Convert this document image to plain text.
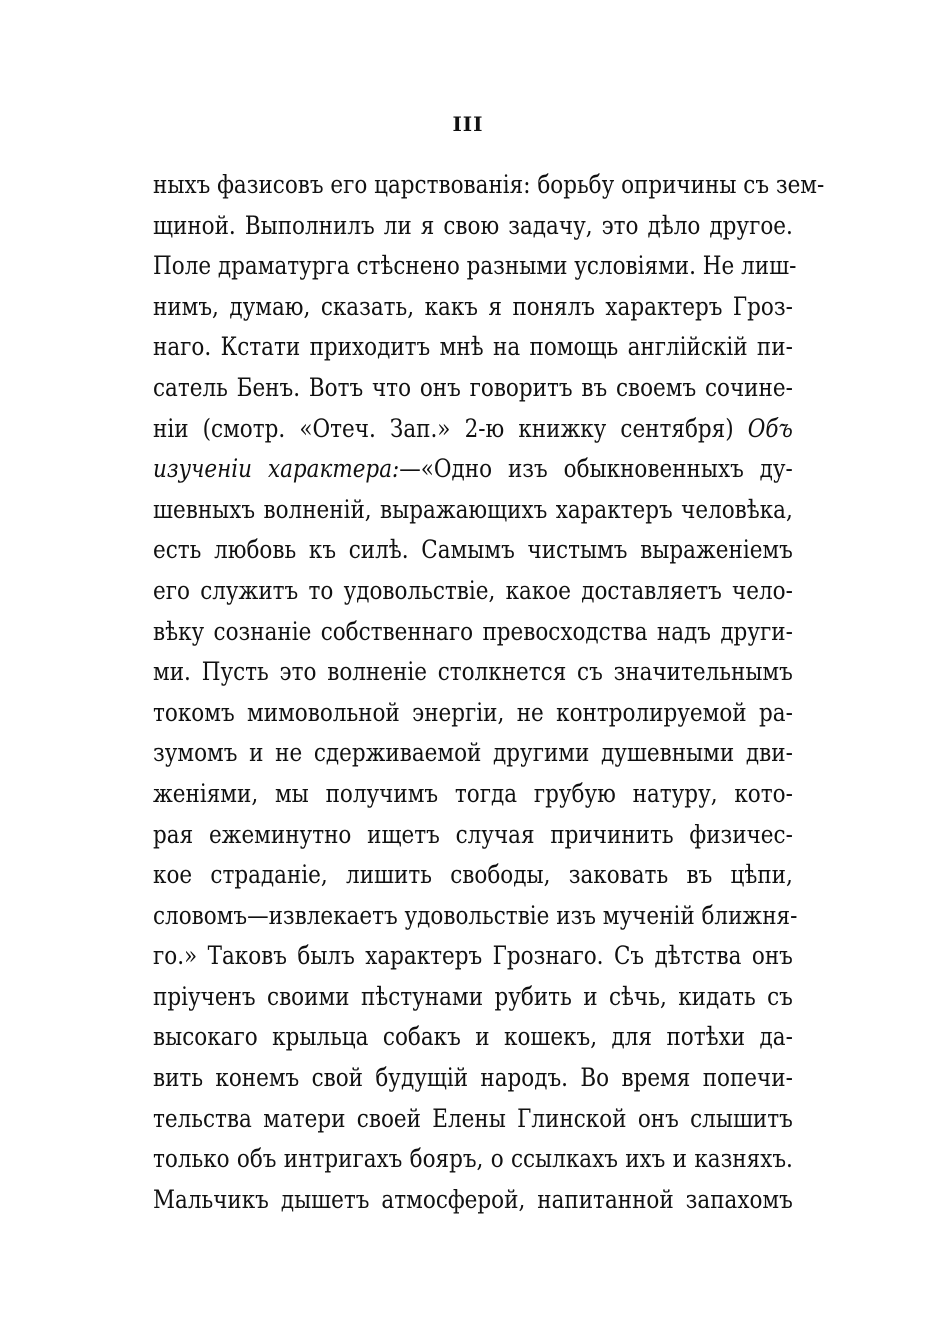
III
ныхъ фазисовъ его царствованія: борьбу опричины съ зем-
щиной. Выполнилъ ли я свою задачу, это дѣло другое.
Поле драматурга стѣснено разными условіями. Не лиш-
нимъ, думаю, сказать, какъ я понялъ характеръ Гроз-
наго. Кстати приходитъ мнѣ на помощь англійскій пи-
сатель Бенъ. Вотъ что онъ говоритъ въ своемъ сочине-
ніи (смотр. «Отеч. Зап.» 2-ю книжку сентября) Объ
изученіи характера:—«Одно изъ обыкновенныхъ ду-
шевныхъ волненій, выражающихъ характеръ человѣка,
есть любовь къ силѣ. Самымъ чистымъ выраженіемъ
его служитъ то удовольствіе, какое доставляетъ чело-
вѣку сознаніе собственнаго превосходства надъ други-
ми. Пусть это волненіе столкнется съ значительнымъ
токомъ мимовольной энергіи, не контролируемой ра-
зумомъ и не сдерживаемой другими душевными дви-
женіями, мы получимъ тогда грубую натуру, кото-
рая ежеминутно ищетъ случая причинить физичес-
кое страданіе, лишить свободы, заковать въ цѣпи,
словомъ—извлекаетъ удовольствіе изъ мученій ближня-
го.» Таковъ былъ характеръ Грознаго. Съ дѣтства онъ
пріученъ своими пѣстунами рубить и сѣчь, кидать съ
высокаго крыльца собакъ и кошекъ, для потѣхи да-
вить конемъ свой будущій народъ. Во время попечи-
тельства матери своей Елены Глинской онъ слышитъ
только объ интригахъ бояръ, о ссылкахъ ихъ и казняхъ.
Мальчикъ дышетъ атмосферой, напитанной запахомъ
